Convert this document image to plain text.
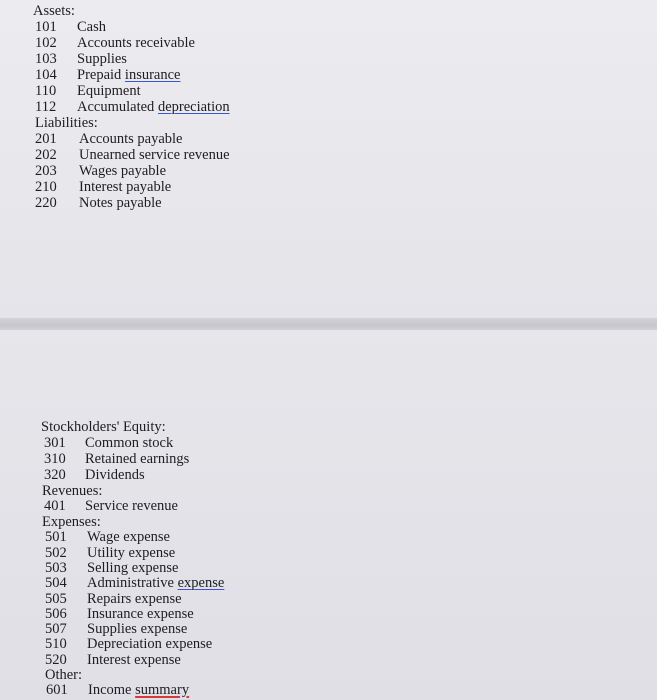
Assets:
101 Cash
102 Accounts receivable
103 Supplies
104 Prepaid insurance
110 Equipment
112 Accumulated depreciation
Liabilities:
201 Accounts payable
202 Unearned service revenue
203 Wages payable
210 Interest payable
220 Notes payable
Stockholders' Equity:
301 Common stock
310 Retained earnings
320 Dividends
Revenues:
401 Service revenue
Expenses:
501 Wage expense
502 Utility expense
503 Selling expense
504 Administrative expense
505 Repairs expense
506 Insurance expense
507 Supplies expense
510 Depreciation expense
520 Interest expense
Other:
601 Income summary
